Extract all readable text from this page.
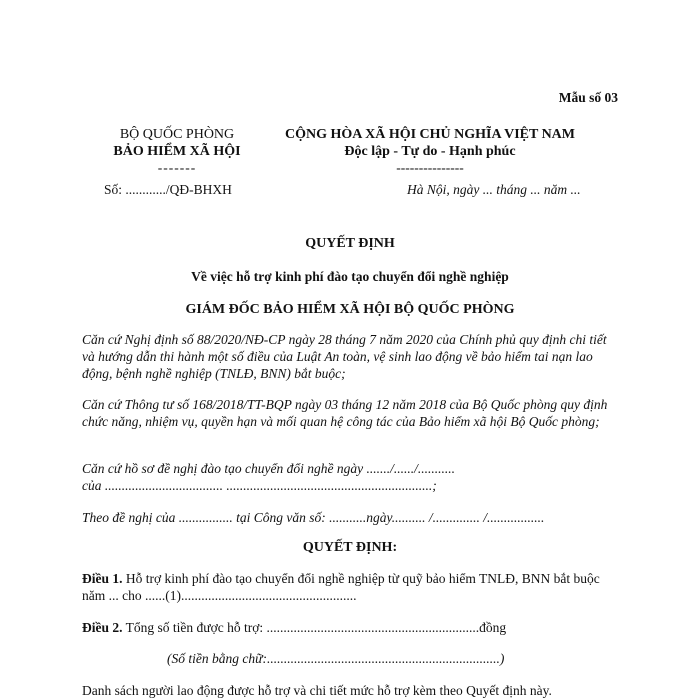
Mẫu số 03
BỘ QUỐC PHÒNG
BẢO HIỂM XÃ HỘI
-------
Số: ............/QĐ-BHXH
CỘNG HÒA XÃ HỘI CHỦ NGHĨA VIỆT NAM
Độc lập - Tự do - Hạnh phúc
---------------
Hà Nội, ngày ... tháng ... năm ...
QUYẾT ĐỊNH
Về việc hỗ trợ kinh phí đào tạo chuyển đổi nghề nghiệp
GIÁM ĐỐC BẢO HIỂM XÃ HỘI BỘ QUỐC PHÒNG
Căn cứ Nghị định số 88/2020/NĐ-CP ngày 28 tháng 7 năm 2020 của Chính phủ quy định chi tiết và hướng dẫn thi hành một số điều của Luật An toàn, vệ sinh lao động về bảo hiểm tai nạn lao động, bệnh nghề nghiệp (TNLĐ, BNN) bắt buộc;
Căn cứ Thông tư số 168/2018/TT-BQP ngày 03 tháng 12 năm 2018 của Bộ Quốc phòng quy định chức năng, nhiệm vụ, quyền hạn và mối quan hệ công tác của Bảo hiểm xã hội Bộ Quốc phòng;
Căn cứ hồ sơ đề nghị đào tạo chuyển đổi nghề ngày ......./....../...........
của ................................... .............................................................;
Theo đề nghị của ................ tại Công văn số: ...........ngày.......... /.............. /.................
QUYẾT ĐỊNH:
Điều 1. Hỗ trợ kinh phí đào tạo chuyển đổi nghề nghiệp từ quỹ bảo hiểm TNLĐ, BNN bắt buộc
năm ... cho ......(1)....................................................
Điều 2. Tổng số tiền được hỗ trợ: ...............................................................đồng
(Số tiền bằng chữ:.....................................................................)
Danh sách người lao động được hỗ trợ và chi tiết mức hỗ trợ kèm theo Quyết định này.
